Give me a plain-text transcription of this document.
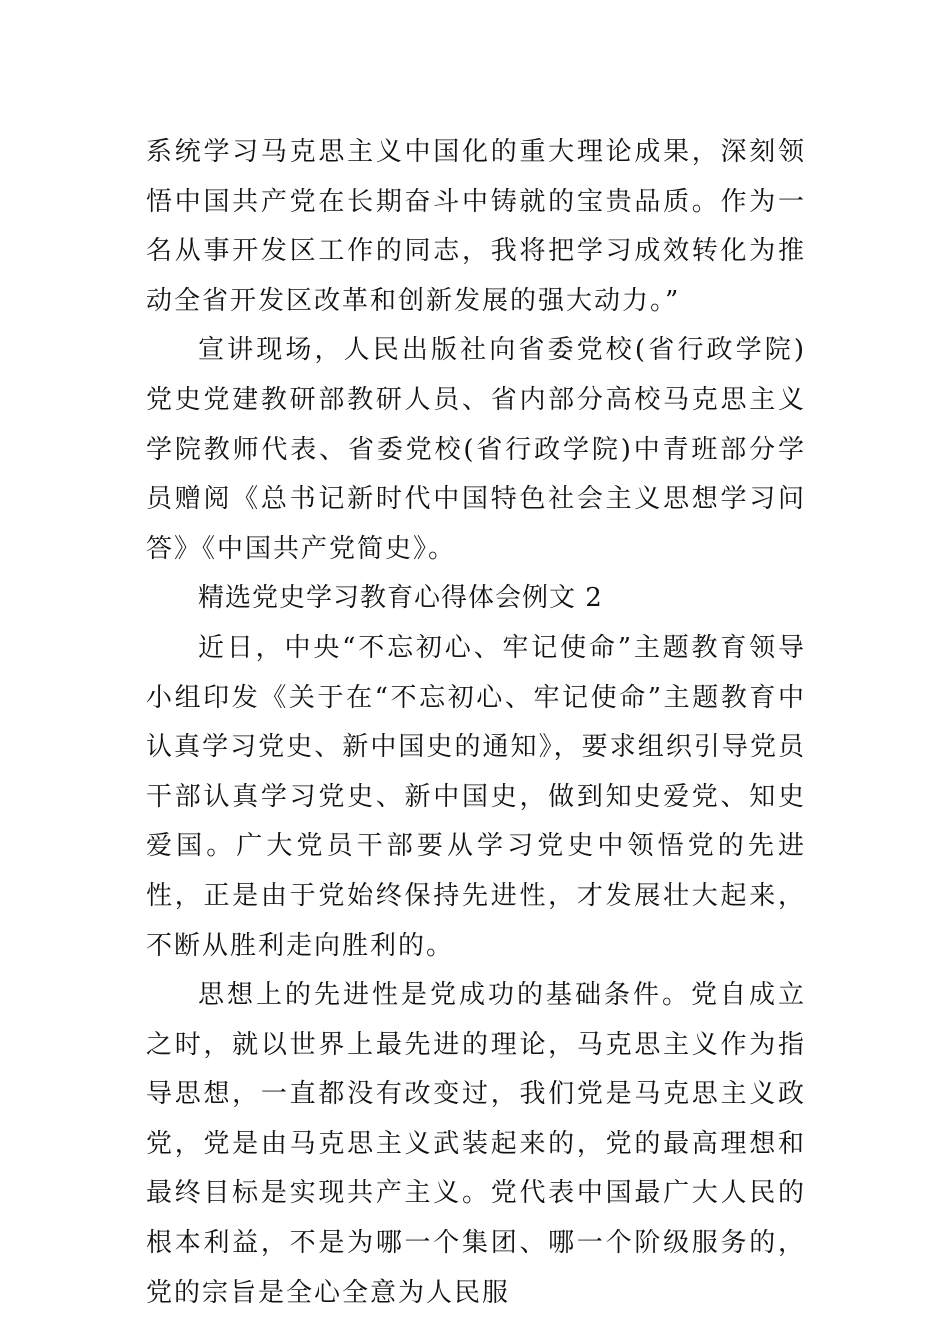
系统学习马克思主义中国化的重大理论成果，深刻领悟中国共产党在长期奋斗中铸就的宝贵品质。作为一名从事开发区工作的同志，我将把学习成效转化为推动全省开发区改革和创新发展的强大动力。”

宣讲现场，人民出版社向省委党校(省行政学院)党史党建教研部教研人员、省内部分高校马克思主义学院教师代表、省委党校(省行政学院)中青班部分学员赠阅《总书记新时代中国特色社会主义思想学习问答》《中国共产党简史》。

精选党史学习教育心得体会例文 2

近日，中央“不忘初心、牢记使命”主题教育领导小组印发《关于在“不忘初心、牢记使命”主题教育中认真学习党史、新中国史的通知》，要求组织引导党员干部认真学习党史、新中国史，做到知史爱党、知史爱国。广大党员干部要从学习党史中领悟党的先进性，正是由于党始终保持先进性，才发展壮大起来，不断从胜利走向胜利的。

思想上的先进性是党成功的基础条件。党自成立之时，就以世界上最先进的理论，马克思主义作为指导思想，一直都没有改变过，我们党是马克思主义政党，党是由马克思主义武装起来的，党的最高理想和最终目标是实现共产主义。党代表中国最广大人民的根本利益，不是为哪一个集团、哪一个阶级服务的，党的宗旨是全心全意为人民服
